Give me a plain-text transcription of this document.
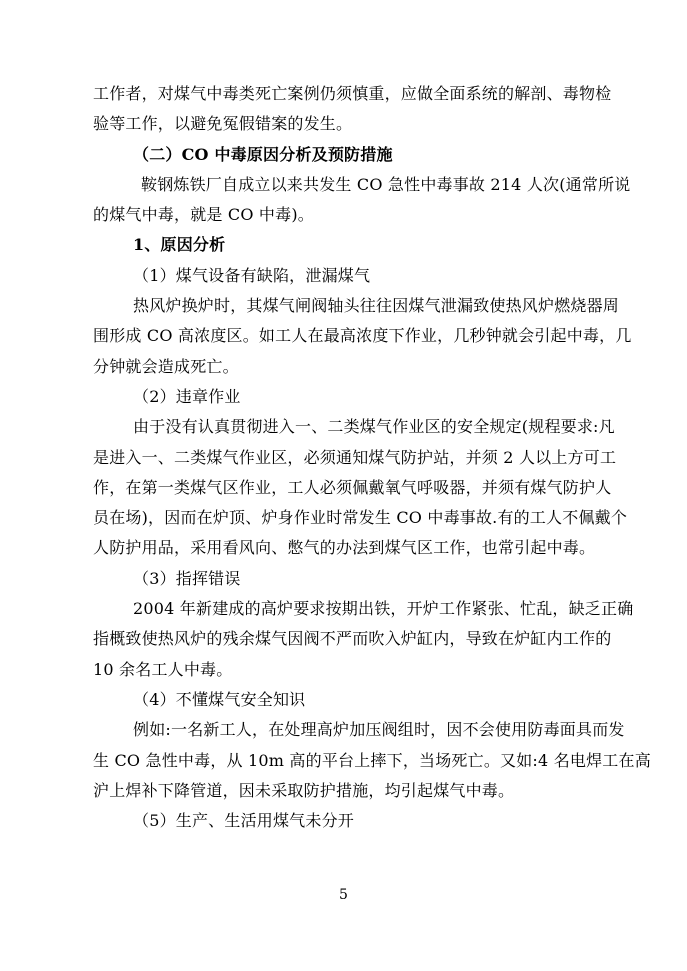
工作者，对煤气中毒类死亡案例仍须慎重，应做全面系统的解剖、毒物检
验等工作，以避免冤假错案的发生。
（二）CO 中毒原因分析及预防措施
鞍钢炼铁厂自成立以来共发生 CO 急性中毒事故 214 人次(通常所说
的煤气中毒，就是 CO 中毒)。
1、原因分析
（1）煤气设备有缺陷，泄漏煤气
热风炉换炉时，其煤气闸阀轴头往往因煤气泄漏致使热风炉燃烧器周
围形成 CO 高浓度区。如工人在最高浓度下作业，几秒钟就会引起中毒，几
分钟就会造成死亡。
（2）违章作业
由于没有认真贯彻进入一、二类煤气作业区的安全规定(规程要求:凡
是进入一、二类煤气作业区，必须通知煤气防护站，并须 2 人以上方可工
作，在第一类煤气区作业，工人必须佩戴氧气呼吸器，并须有煤气防护人
员在场)，因而在炉顶、炉身作业时常发生 CO 中毒事故.有的工人不佩戴个
人防护用品，采用看风向、憋气的办法到煤气区工作，也常引起中毒。
（3）指挥错误
2004 年新建成的高炉要求按期出铁，开炉工作紧张、忙乱，缺乏正确
指概致使热风炉的残余煤气因阀不严而吹入炉缸内，导致在炉缸内工作的
10 余名工人中毒。
（4）不懂煤气安全知识
例如:一名新工人，在处理高炉加压阀组时，因不会使用防毒面具而发
生 CO 急性中毒，从 10m 高的平台上摔下，当场死亡。又如:4 名电焊工在高
沪上焊补下降管道，因未采取防护措施，均引起煤气中毒。
（5）生产、生活用煤气未分开
5
